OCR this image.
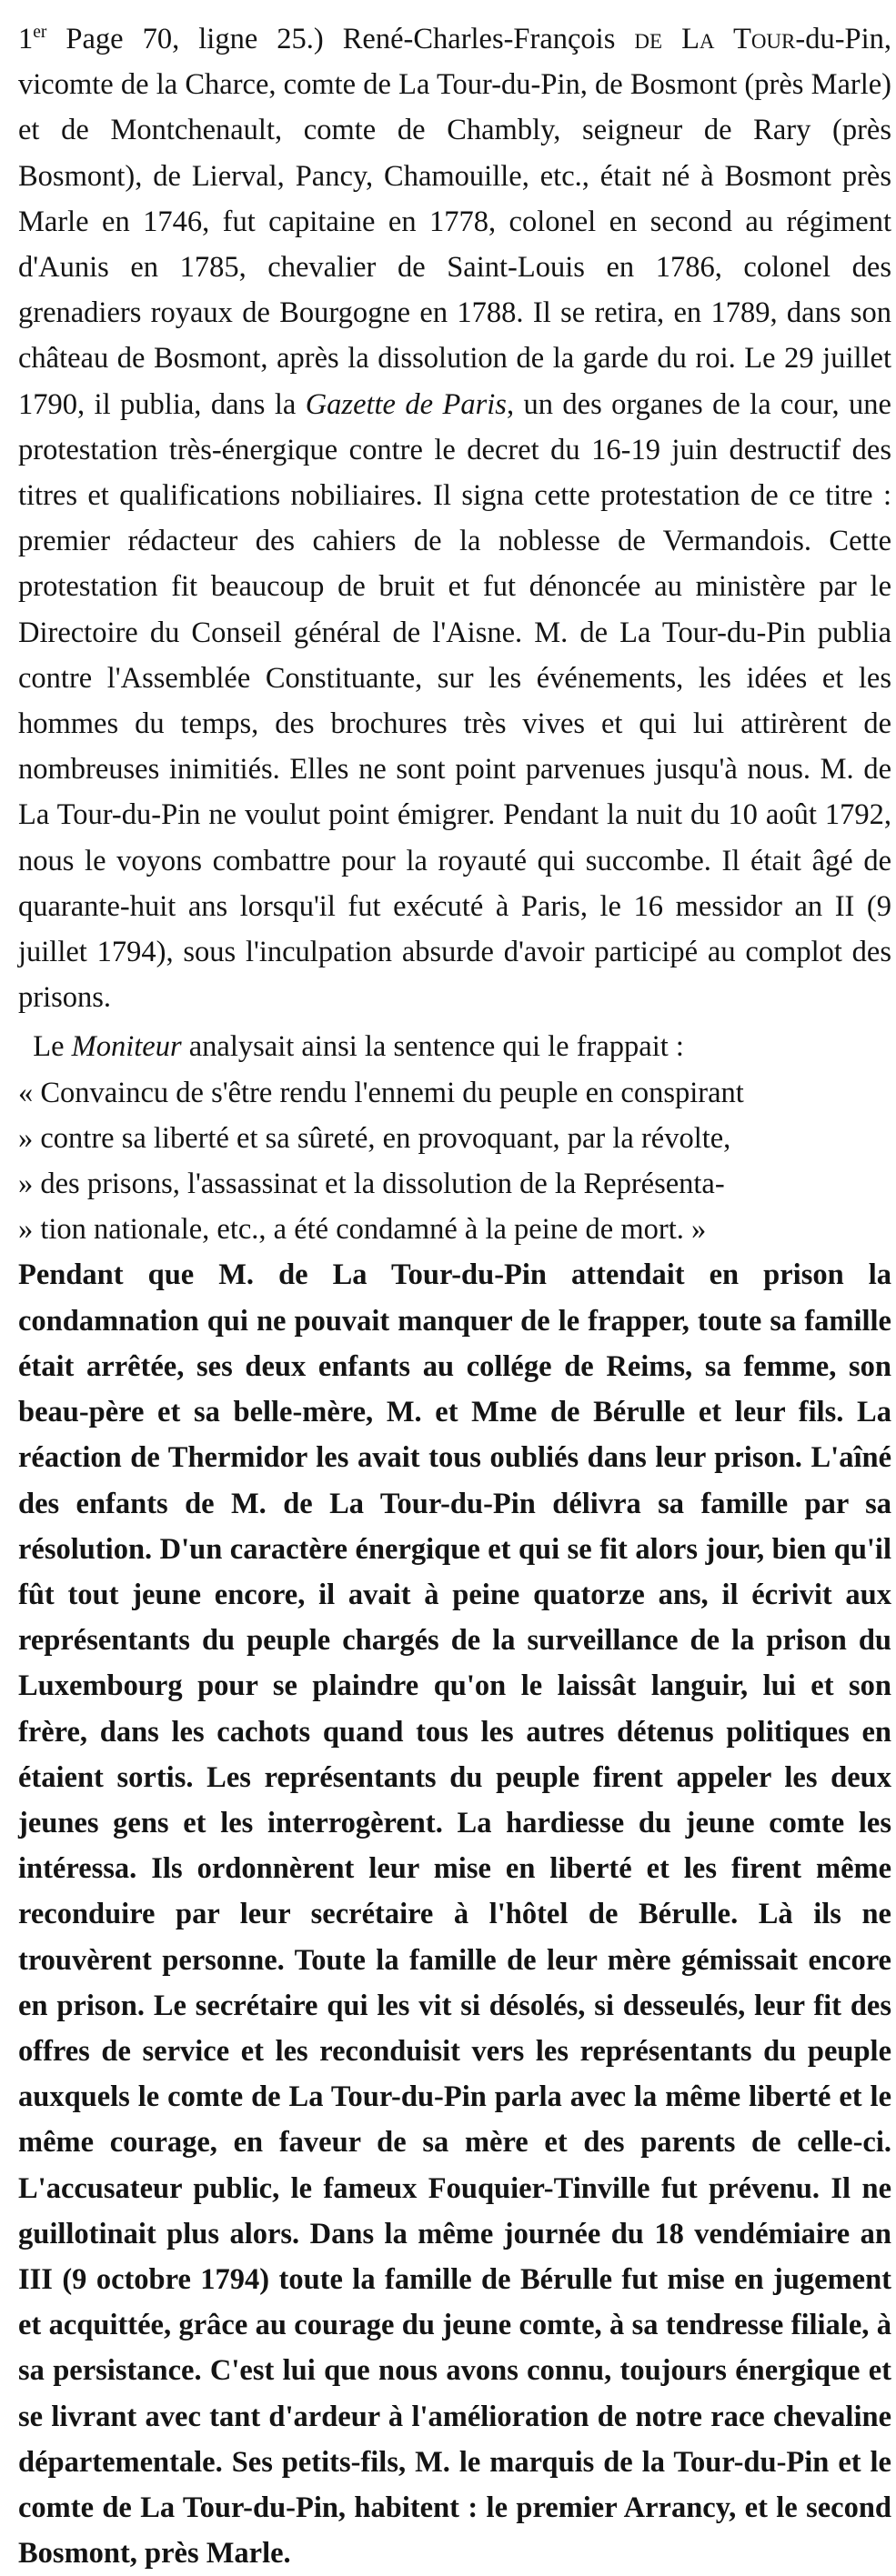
1er Page 70, ligne 25.) René-Charles-François de La Tour-du-Pin, vicomte de la Charce, comte de La Tour-du-Pin, de Bosmont (près Marle) et de Montchenault, comte de Chambly, seigneur de Rary (près Bosmont), de Lierval, Pancy, Chamouille, etc., était né à Bosmont près Marle en 1746, fut capitaine en 1778, colonel en second au régiment d'Aunis en 1785, chevalier de Saint-Louis en 1786, colonel des grenadiers royaux de Bourgogne en 1788. Il se retira, en 1789, dans son château de Bosmont, après la dissolution de la garde du roi. Le 29 juillet 1790, il publia, dans la Gazette de Paris, un des organes de la cour, une protestation très-énergique contre le decret du 16-19 juin destructif des titres et qualifications nobiliaires. Il signa cette protestation de ce titre : premier rédacteur des cahiers de la noblesse de Vermandois. Cette protestation fit beaucoup de bruit et fut dénoncée au ministère par le Directoire du Conseil général de l'Aisne. M. de La Tour-du-Pin publia contre l'Assemblée Constituante, sur les événements, les idées et les hommes du temps, des brochures très vives et qui lui attirèrent de nombreuses inimitiés. Elles ne sont point parvenues jusqu'à nous. M. de La Tour-du-Pin ne voulut point émigrer. Pendant la nuit du 10 août 1792, nous le voyons combattre pour la royauté qui succombe. Il était âgé de quarante-huit ans lorsqu'il fut exécuté à Paris, le 16 messidor an II (9 juillet 1794), sous l'inculpation absurde d'avoir participé au complot des prisons.

Le Moniteur analysait ainsi la sentence qui le frappait :

« Convaincu de s'être rendu l'ennemi du peuple en conspirant
» contre sa liberté et sa sûreté, en provoquant, par la révolte,
» des prisons, l'assassinat et la dissolution de la Représenta-
» tion nationale, etc., a été condamné à la peine de mort. »

Pendant que M. de La Tour-du-Pin attendait en prison la condamnation qui ne pouvait manquer de le frapper, toute sa famille était arrêtée, ses deux enfants au collége de Reims, sa femme, son beau-père et sa belle-mère, M. et Mme de Bérulle et leur fils. La réaction de Thermidor les avait tous oubliés dans leur prison. L'aîné des enfants de M. de La Tour-du-Pin délivra sa famille par sa résolution. D'un caractère énergique et qui se fit alors jour, bien qu'il fût tout jeune encore, il avait à peine quatorze ans, il écrivit aux représentants du peuple chargés de la surveillance de la prison du Luxembourg pour se plaindre qu'on le laissât languir, lui et son frère, dans les cachots quand tous les autres détenus politiques en étaient sortis. Les représentants du peuple firent appeler les deux jeunes gens et les interrogèrent. La hardiesse du jeune comte les intéressa. Ils ordonnèrent leur mise en liberté et les firent même reconduire par leur secrétaire à l'hôtel de Bérulle. Là ils ne trouvèrent personne. Toute la famille de leur mère gémissait encore en prison. Le secrétaire qui les vit si désolés, si desseulés, leur fit des offres de service et les reconduisit vers les représentants du peuple auxquels le comte de La Tour-du-Pin parla avec la même liberté et le même courage, en faveur de sa mère et des parents de celle-ci. L'accusateur public, le fameux Fouquier-Tinville fut prévenu. Il ne guillotinait plus alors. Dans la même journée du 18 vendémiaire an III (9 octobre 1794) toute la famille de Bérulle fut mise en jugement et acquittée, grâce au courage du jeune comte, à sa tendresse filiale, à sa persistance. C'est lui que nous avons connu, toujours énergique et se livrant avec tant d'ardeur à l'amélioration de notre race chevaline départementale. Ses petits-fils, M. le marquis de la Tour-du-Pin et le comte de La Tour-du-Pin, habitent : le premier Arrancy, et le second Bosmont, près Marle.
